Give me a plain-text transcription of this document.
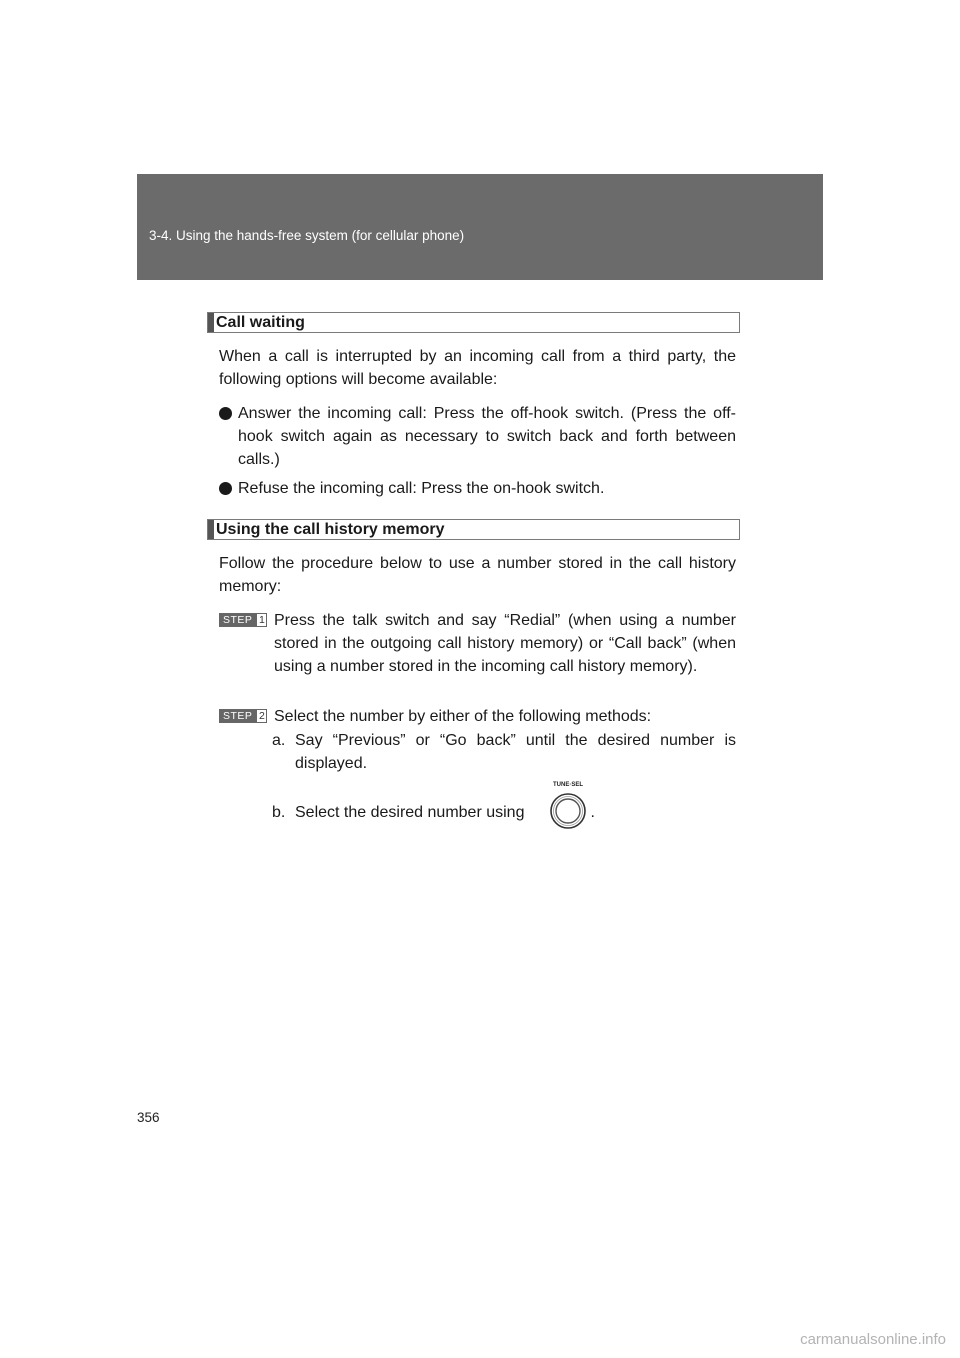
3-4. Using the hands-free system (for cellular phone)
Call waiting

When a call is interrupted by an incoming call from a third party, the following options will become available:

Answer the incoming call: Press the off-hook switch. (Press the off-hook switch again as necessary to switch back and forth between calls.)
Refuse the incoming call: Press the on-hook switch.
Using the call history memory

Follow the procedure below to use a number stored in the call history memory:

STEP 1 Press the talk switch and say “Redial” (when using a number stored in the outgoing call history memory) or “Call back” (when using a number stored in the incoming call history memory).
STEP 2 Select the number by either of the following methods:
a. Say “Previous” or “Go back” until the desired number is displayed.
b. Select the desired number using	.
TUNE·SEL
356
carmanualsonline.info
